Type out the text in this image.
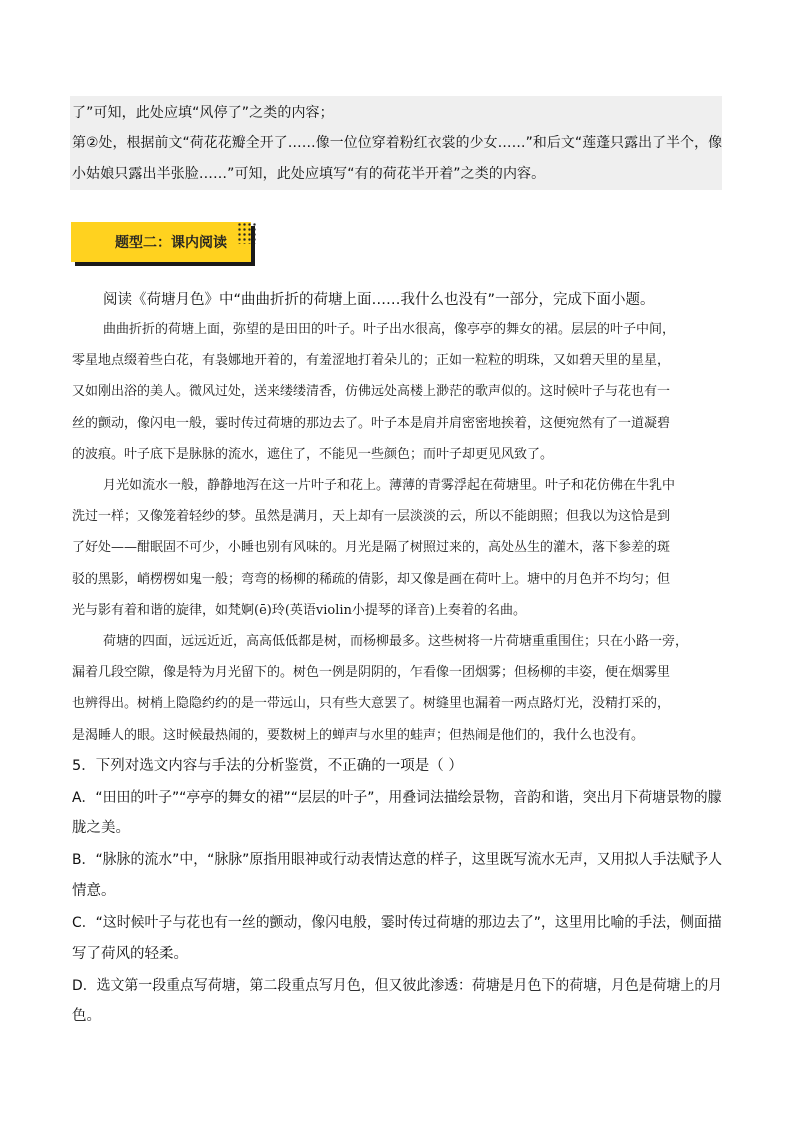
了”可知，此处应填“风停了”之类的内容；
第②处，根据前文“荷花花瓣全开了……像一位位穿着粉红衣裳的少女……”和后文“莲蓬只露出了半个，像
小姑娘只露出半张脸……”可知，此处应填写“有的荷花半开着”之类的内容。
题型二：课内阅读
阅读《荷塘月色》中“曲曲折折的荷塘上面……我什么也没有”一部分，完成下面小题。
曲曲折折的荷塘上面，弥望的是田田的叶子。叶子出水很高，像亭亭的舞女的裙。层层的叶子中间，
零星地点缀着些白花，有袅娜地开着的，有羞涩地打着朵儿的；正如一粒粒的明珠，又如碧天里的星星，
又如刚出浴的美人。微风过处，送来缕缕清香，仿佛远处高楼上渺茫的歌声似的。这时候叶子与花也有一
丝的颤动，像闪电一般，霎时传过荷塘的那边去了。叶子本是肩并肩密密地挨着，这便宛然有了一道凝碧
的波痕。叶子底下是脉脉的流水，遮住了，不能见一些颜色；而叶子却更见风致了。
月光如流水一般，静静地泻在这一片叶子和花上。薄薄的青雾浮起在荷塘里。叶子和花仿佛在牛乳中
洗过一样；又像笼着轻纱的梦。虽然是满月，天上却有一层淡淡的云，所以不能朗照；但我以为这恰是到
了好处——酣眠固不可少，小睡也别有风味的。月光是隔了树照过来的，高处丛生的灌木，落下参差的斑
驳的黑影，峭楞楞如鬼一般；弯弯的杨柳的稀疏的倩影，却又像是画在荷叶上。塘中的月色并不均匀；但
光与影有着和谐的旋律，如梵婀(ē)玲(英语violin小提琴的译音)上奏着的名曲。
荷塘的四面，远远近近，高高低低都是树，而杨柳最多。这些树将一片荷塘重重围住；只在小路一旁，
漏着几段空隙，像是特为月光留下的。树色一例是阴阴的，乍看像一团烟雾；但杨柳的丰姿，便在烟雾里
也辨得出。树梢上隐隐约约的是一带远山，只有些大意罢了。树缝里也漏着一两点路灯光，没精打采的，
是渴睡人的眼。这时候最热闹的，要数树上的蝉声与水里的蛙声；但热闹是他们的，我什么也没有。
5．下列对选文内容与手法的分析鉴赏，不正确的一项是（ ）
A．“田田的叶子”“亭亭的舞女的裙”“层层的叶子”，用叠词法描绘景物，音韵和谐，突出月下荷塘景物的朦
胧之美。
B．“脉脉的流水”中，“脉脉”原指用眼神或行动表情达意的样子，这里既写流水无声，又用拟人手法赋予人
情意。
C．“这时候叶子与花也有一丝的颤动，像闪电般，霎时传过荷塘的那边去了”，这里用比喻的手法，侧面描
写了荷风的轻柔。
D．选文第一段重点写荷塘，第二段重点写月色，但又彼此渗透：荷塘是月色下的荷塘，月色是荷塘上的月
色。
